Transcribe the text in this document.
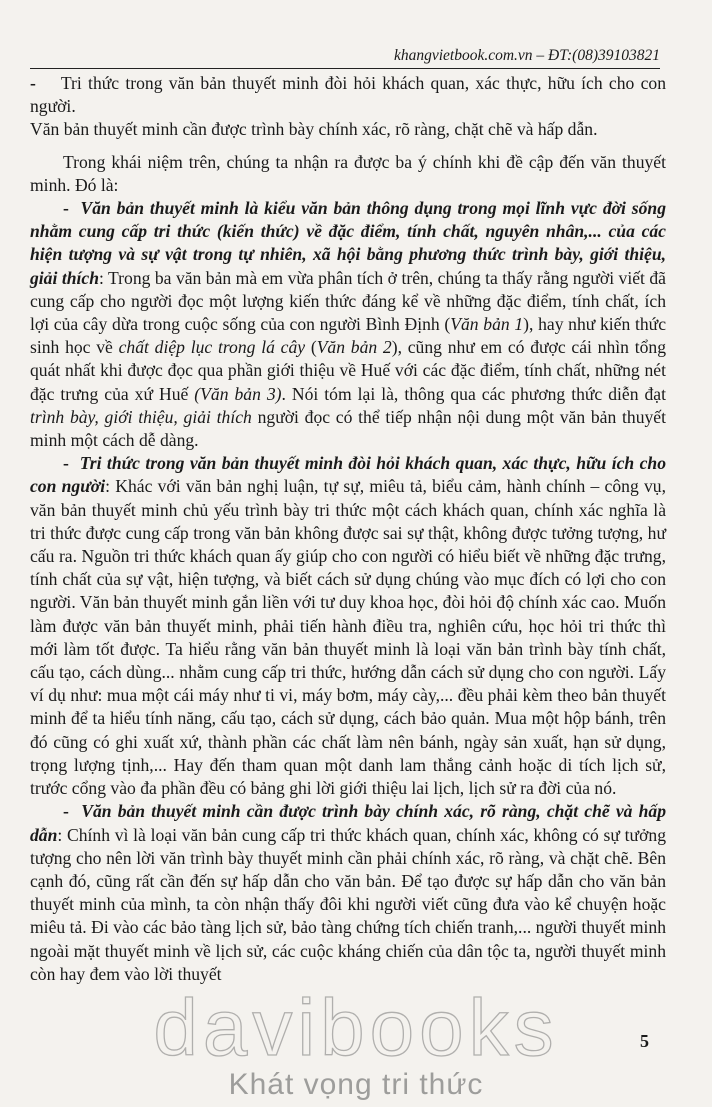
khangvietbook.com.vn – ĐT:(08)39103821

-    Tri thức trong văn bản thuyết minh đòi hỏi khách quan, xác thực, hữu ích cho con người.

Văn bản thuyết minh cần được trình bày chính xác, rõ ràng, chặt chẽ và hấp dẫn.

Trong khái niệm trên, chúng ta nhận ra được ba ý chính khi đề cập đến văn thuyết minh. Đó là:

-  Văn bản thuyết minh là kiểu văn bản thông dụng trong mọi lĩnh vực đời sống nhằm cung cấp tri thức (kiến thức) về đặc điểm, tính chất, nguyên nhân,... của các hiện tượng và sự vật trong tự nhiên, xã hội bằng phương thức trình bày, giới thiệu, giải thích: Trong ba văn bản mà em vừa phân tích ở trên, chúng ta thấy rằng người viết đã cung cấp cho người đọc một lượng kiến thức đáng kể về những đặc điểm, tính chất, ích lợi của cây dừa trong cuộc sống của con người Bình Định (Văn bản 1), hay như kiến thức sinh học về chất diệp lục trong lá cây (Văn bản 2), cũng như em có được cái nhìn tổng quát nhất khi được đọc qua phần giới thiệu về Huế với các đặc điểm, tính chất, những nét đặc trưng của xứ Huế (Văn bản 3). Nói tóm lại là, thông qua các phương thức diễn đạt trình bày, giới thiệu, giải thích người đọc có thể tiếp nhận nội dung một văn bản thuyết minh một cách dễ dàng.

-  Tri thức trong văn bản thuyết minh đòi hỏi khách quan, xác thực, hữu ích cho con người: Khác với văn bản nghị luận, tự sự, miêu tả, biểu cảm, hành chính – công vụ, văn bản thuyết minh chủ yếu trình bày tri thức một cách khách quan, chính xác nghĩa là tri thức được cung cấp trong văn bản không được sai sự thật, không được tưởng tượng, hư cấu ra. Nguồn tri thức khách quan ấy giúp cho con người có hiểu biết về những đặc trưng, tính chất của sự vật, hiện tượng, và biết cách sử dụng chúng vào mục đích có lợi cho con người. Văn bản thuyết minh gắn liền với tư duy khoa học, đòi hỏi độ chính xác cao. Muốn làm được văn bản thuyết minh, phải tiến hành điều tra, nghiên cứu, học hỏi tri thức thì mới làm tốt được. Ta hiểu rằng văn bản thuyết minh là loại văn bản trình bày tính chất, cấu tạo, cách dùng... nhằm cung cấp tri thức, hướng dẫn cách sử dụng cho con người. Lấy ví dụ như: mua một cái máy như ti vi, máy bơm, máy cày,... đều phải kèm theo bản thuyết minh để ta hiểu tính năng, cấu tạo, cách sử dụng, cách bảo quản. Mua một hộp bánh, trên đó cũng có ghi xuất xứ, thành phần các chất làm nên bánh, ngày sản xuất, hạn sử dụng, trọng lượng tịnh,... Hay đến tham quan một danh lam thắng cảnh hoặc di tích lịch sử, trước cổng vào đa phần đều có bảng ghi lời giới thiệu lai lịch, lịch sử ra đời của nó.

-  Văn bản thuyết minh cần được trình bày chính xác, rõ ràng, chặt chẽ và hấp dẫn: Chính vì là loại văn bản cung cấp tri thức khách quan, chính xác, không có sự tưởng tượng cho nên lời văn trình bày thuyết minh cần phải chính xác, rõ ràng, và chặt chẽ. Bên cạnh đó, cũng rất cần đến sự hấp dẫn cho văn bản. Để tạo được sự hấp dẫn cho văn bản thuyết minh của mình, ta còn nhận thấy đôi khi người viết cũng đưa vào kể chuyện hoặc miêu tả. Đi vào các bảo tàng lịch sử, bảo tàng chứng tích chiến tranh,... người thuyết minh ngoài mặt thuyết minh về lịch sử, các cuộc kháng chiến của dân tộc ta, người thuyết minh còn hay đem vào lời thuyết

5
davibooks
Khát vọng tri thức
